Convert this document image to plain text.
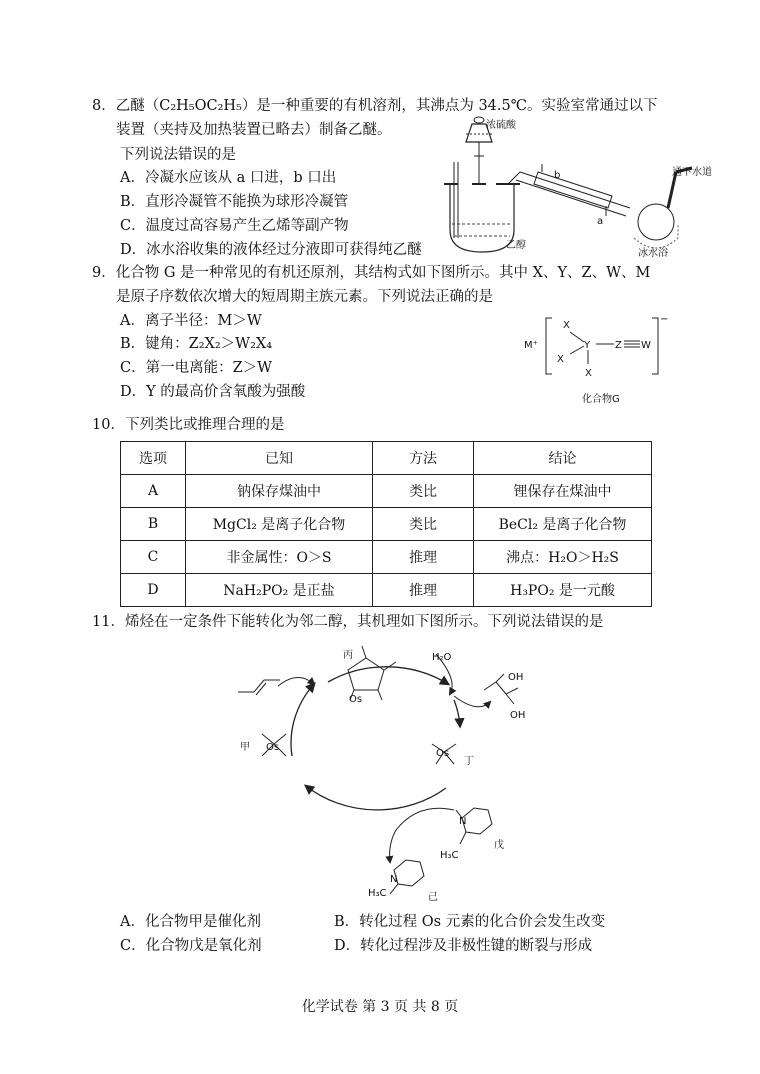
8．乙醚（C₂H₅OC₂H₅）是一种重要的有机溶剂，其沸点为 34.5℃。实验室常通过以下
装置（夹持及加热装置已略去）制备乙醚。
下列说法错误的是
A．冷凝水应该从 a 口进，b 口出
B．直形冷凝管不能换为球形冷凝管
C．温度过高容易产生乙烯等副产物
D．冰水浴收集的液体经过分液即可获得纯乙醚
浓硫酸
b
a
通下水道
乙醇
冰水浴
9．化合物 G 是一种常见的有机还原剂，其结构式如下图所示。其中 X、Y、Z、W、M
是原子序数依次增大的短周期主族元素。下列说法正确的是
A．离子半径：M＞W
B．键角：Z₂X₂＞W₂X₄
C．第一电离能：Z＞W
D．Y 的最高价含氧酸为强酸
M⁺
X
X
X
Y Z W
−
化合物G
10．下列类比或推理合理的是
选项	已知	方法	结论
A	钠保存煤油中	类比	锂保存在煤油中
B	MgCl₂ 是离子化合物	类比	BeCl₂ 是离子化合物
C	非金属性：O＞S	推理	沸点：H₂O＞H₂S
D	NaH₂PO₂ 是正盐	推理	H₃PO₂ 是一元酸
11．烯烃在一定条件下能转化为邻二醇，其机理如下图所示。下列说法错误的是
丙
Os
H₂O
OH
OH
甲 Os
Os
丁
N
H₃C
戊
N
H₃C	己
A．化合物甲是催化剂	B．转化过程 Os 元素的化合价会发生改变
C．化合物戊是氧化剂	D．转化过程涉及非极性键的断裂与形成
化学试卷 第 3 页 共 8 页
